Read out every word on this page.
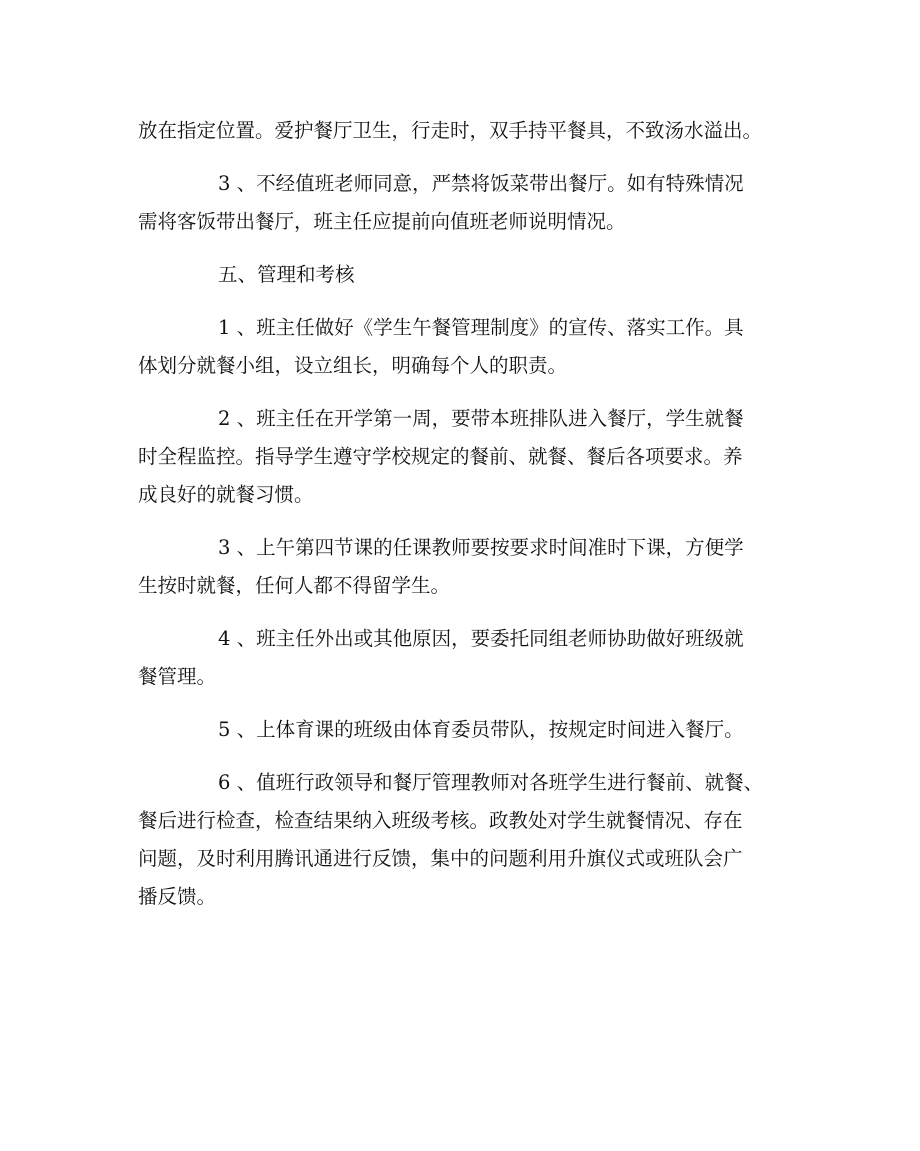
放在指定位置。爱护餐厅卫生，行走时，双手持平餐具，不致汤水溢出。
3 、不经值班老师同意，严禁将饭菜带出餐厅。如有特殊情况
需将客饭带出餐厅，班主任应提前向值班老师说明情况。
五、管理和考核
1 、班主任做好《学生午餐管理制度》的宣传、落实工作。具
体划分就餐小组，设立组长，明确每个人的职责。
2 、班主任在开学第一周，要带本班排队进入餐厅，学生就餐
时全程监控。指导学生遵守学校规定的餐前、就餐、餐后各项要求。养
成良好的就餐习惯。
3 、上午第四节课的任课教师要按要求时间准时下课，方便学
生按时就餐，任何人都不得留学生。
4 、班主任外出或其他原因，要委托同组老师协助做好班级就
餐管理。
5 、上体育课的班级由体育委员带队，按规定时间进入餐厅。
6 、值班行政领导和餐厅管理教师对各班学生进行餐前、就餐、
餐后进行检查，检查结果纳入班级考核。政教处对学生就餐情况、存在
问题，及时利用腾讯通进行反馈，集中的问题利用升旗仪式或班队会广
播反馈。
